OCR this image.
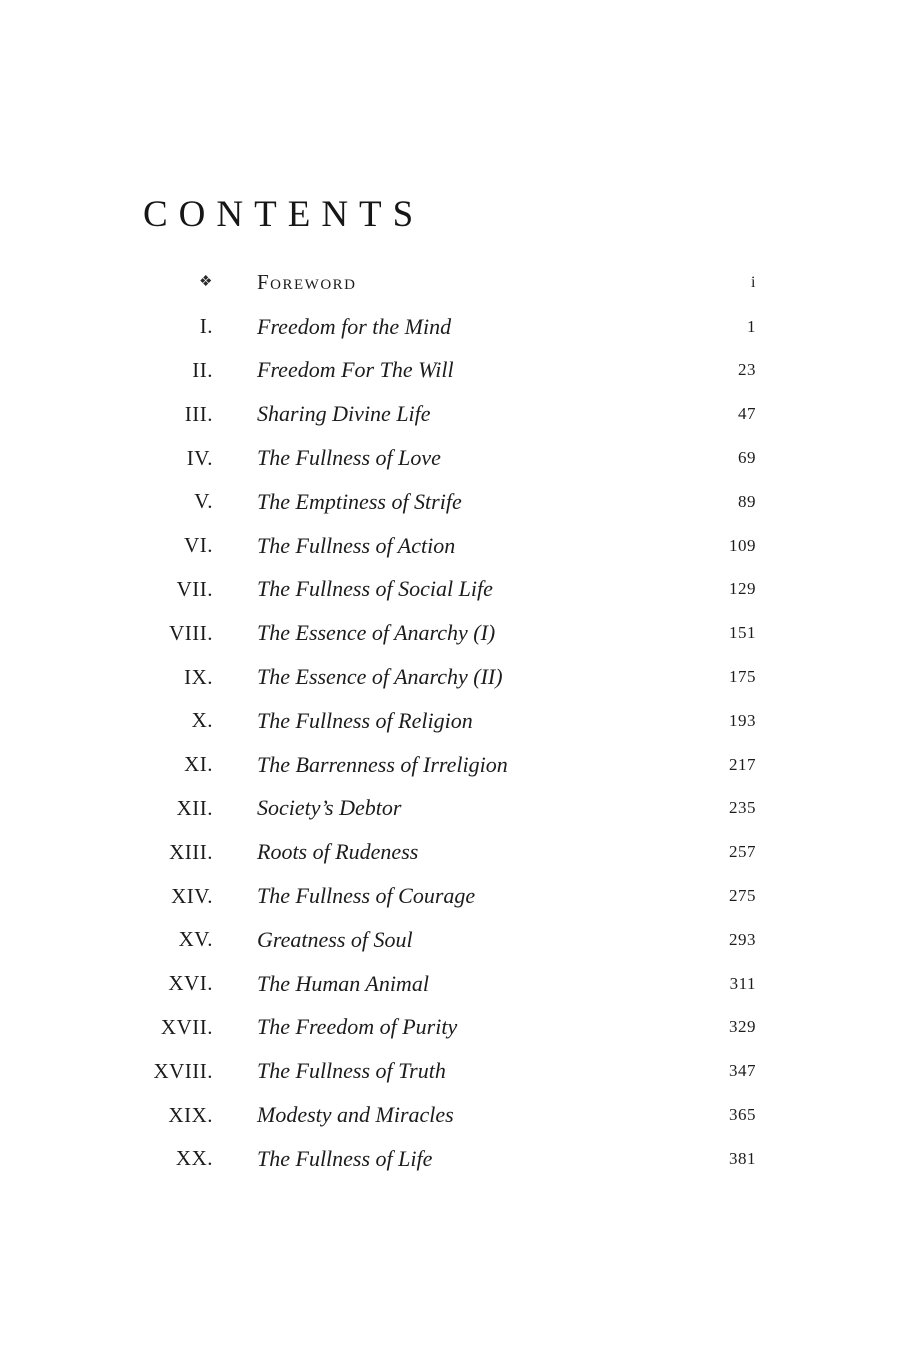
CONTENTS
❖ Foreword	i
I. Freedom for the Mind	1
II. Freedom For The Will	23
III. Sharing Divine Life	47
IV. The Fullness of Love	69
V. The Emptiness of Strife	89
VI. The Fullness of Action	109
VII. The Fullness of Social Life	129
VIII. The Essence of Anarchy (I)	151
IX. The Essence of Anarchy (II)	175
X. The Fullness of Religion	193
XI. The Barrenness of Irreligion	217
XII. Society’s Debtor	235
XIII. Roots of Rudeness	257
XIV. The Fullness of Courage	275
XV. Greatness of Soul	293
XVI. The Human Animal	311
XVII. The Freedom of Purity	329
XVIII. The Fullness of Truth	347
XIX. Modesty and Miracles	365
XX. The Fullness of Life	381
